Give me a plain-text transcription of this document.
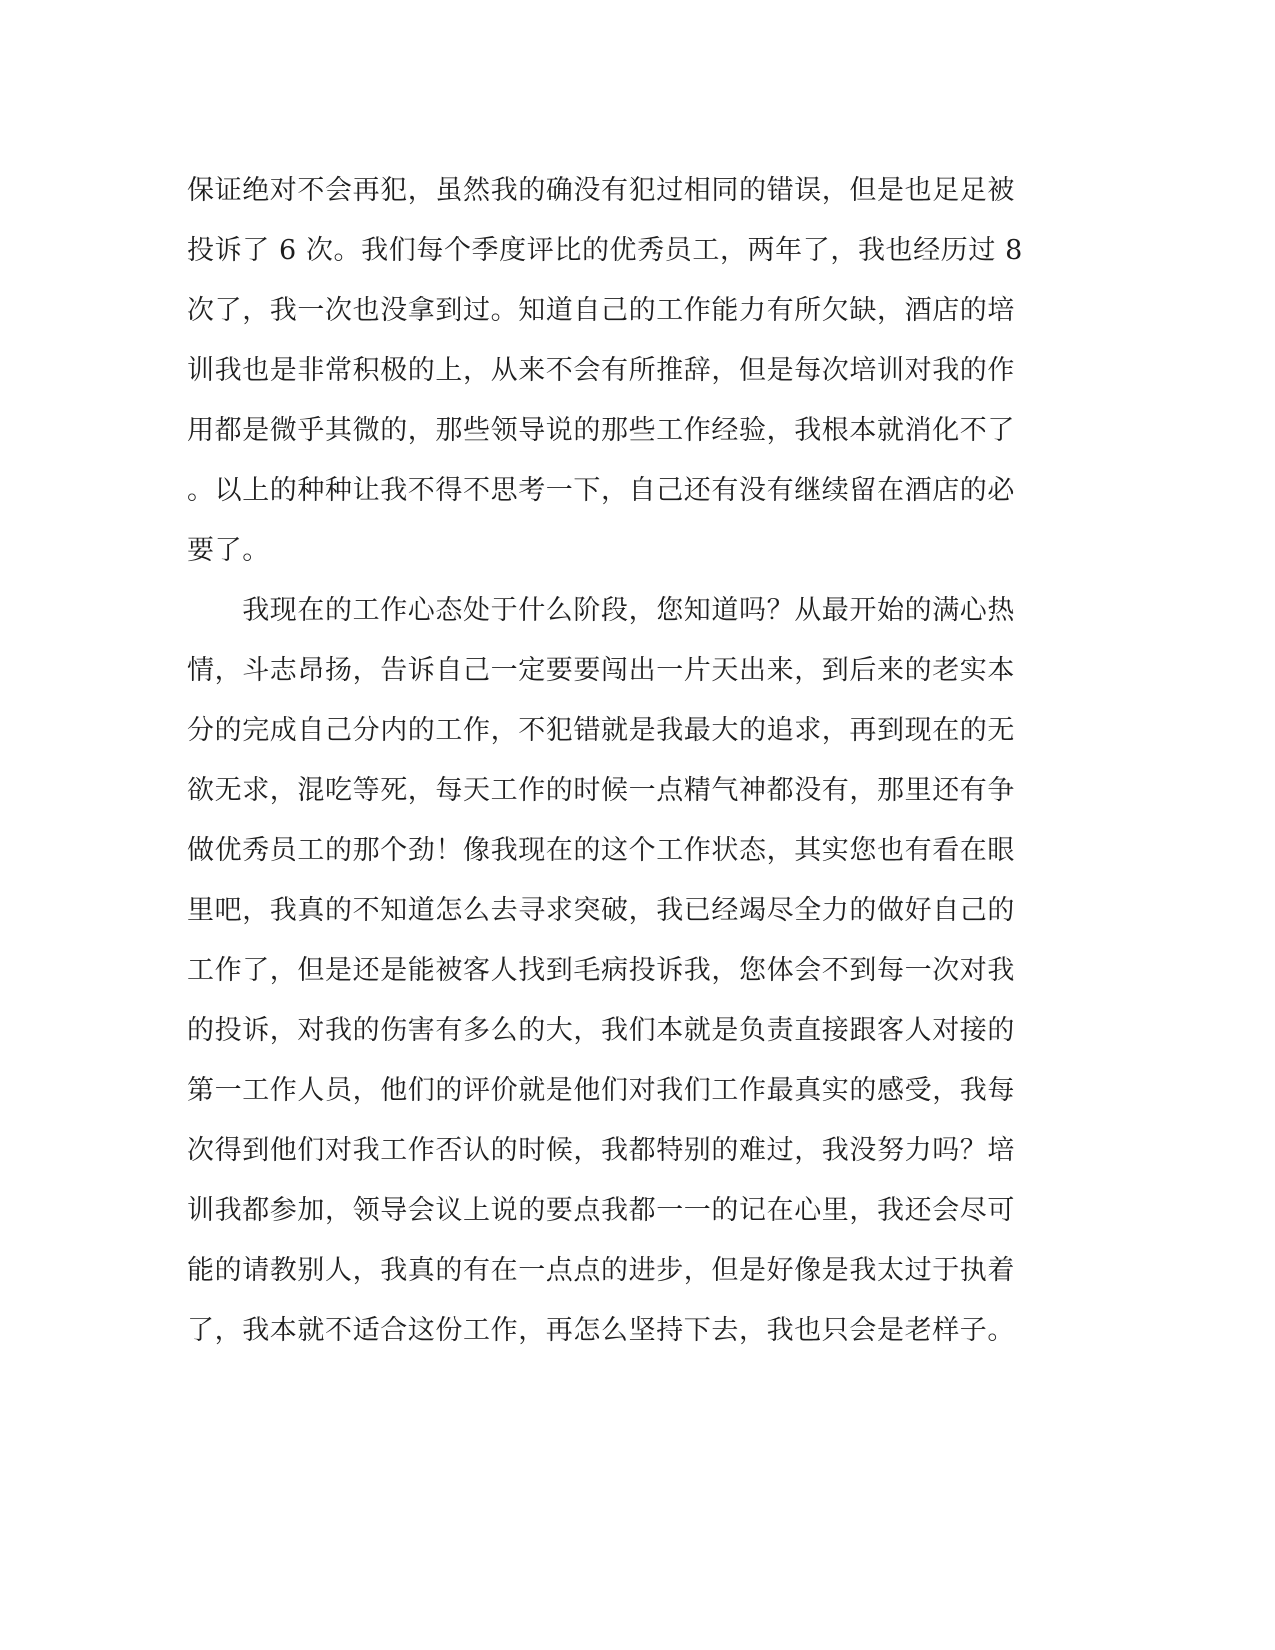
保证绝对不会再犯，虽然我的确没有犯过相同的错误，但是也足足被
投诉了 6 次。我们每个季度评比的优秀员工，两年了，我也经历过 8
次了，我一次也没拿到过。知道自己的工作能力有所欠缺，酒店的培
训我也是非常积极的上，从来不会有所推辞，但是每次培训对我的作
用都是微乎其微的，那些领导说的那些工作经验，我根本就消化不了
。以上的种种让我不得不思考一下，自己还有没有继续留在酒店的必
要了。
　　我现在的工作心态处于什么阶段，您知道吗？从最开始的满心热
情，斗志昂扬，告诉自己一定要要闯出一片天出来，到后来的老实本
分的完成自己分内的工作，不犯错就是我最大的追求，再到现在的无
欲无求，混吃等死，每天工作的时候一点精气神都没有，那里还有争
做优秀员工的那个劲！像我现在的这个工作状态，其实您也有看在眼
里吧，我真的不知道怎么去寻求突破，我已经竭尽全力的做好自己的
工作了，但是还是能被客人找到毛病投诉我，您体会不到每一次对我
的投诉，对我的伤害有多么的大，我们本就是负责直接跟客人对接的
第一工作人员，他们的评价就是他们对我们工作最真实的感受，我每
次得到他们对我工作否认的时候，我都特别的难过，我没努力吗？培
训我都参加，领导会议上说的要点我都一一的记在心里，我还会尽可
能的请教别人，我真的有在一点点的进步，但是好像是我太过于执着
了，我本就不适合这份工作，再怎么坚持下去，我也只会是老样子。
